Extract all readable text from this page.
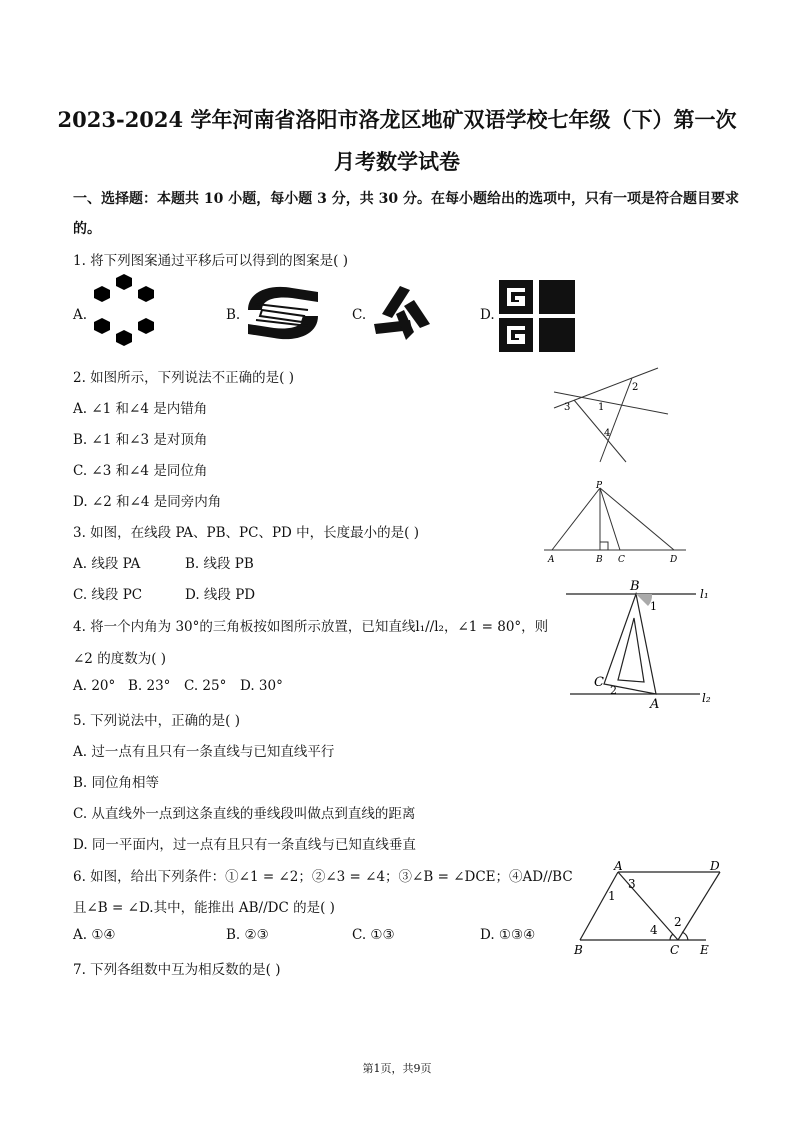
2023-2024 学年河南省洛阳市洛龙区地矿双语学校七年级（下）第一次
月考数学试卷
一、选择题：本题共 10 小题，每小题 3 分，共 30 分。在每小题给出的选项中，只有一项是符合题目要求
的。
1. 将下列图案通过平移后可以得到的图案是( )
A.	B.	C.	D.
2. 如图所示，下列说法不正确的是( )
A. ∠1 和∠4 是内错角
B. ∠1 和∠3 是对顶角
C. ∠3 和∠4 是同位角
D. ∠2 和∠4 是同旁内角
3	1
2
4
3. 如图，在线段 PA、PB、PC、PD 中，长度最小的是( )
A. 线段 PA	B. 线段 PB
C. 线段 PC	D. 线段 PD
P
A	B C	D
4. 将一个内角为 30°的三角板按如图所示放置，已知直线l₁//l₂，∠1 = 80°，则
∠2 的度数为( )
A. 20° B. 23° C. 25° D. 30°
B
1
l₁
C
2
A	l₂
5. 下列说法中，正确的是( )
A. 过一点有且只有一条直线与已知直线平行
B. 同位角相等
C. 从直线外一点到这条直线的垂线段叫做点到直线的距离
D. 同一平面内，过一点有且只有一条直线与已知直线垂直
6. 如图，给出下列条件：①∠1 = ∠2；②∠3 = ∠4；③∠B = ∠DCE；④AD//BC
且∠B = ∠D.其中，能推出 AB//DC 的是( )
A. ①④	B. ②③	C. ①③	D. ①③④
A	D
3
1
2
4
B	C E
7. 下列各组数中互为相反数的是( )
第1页，共9页
